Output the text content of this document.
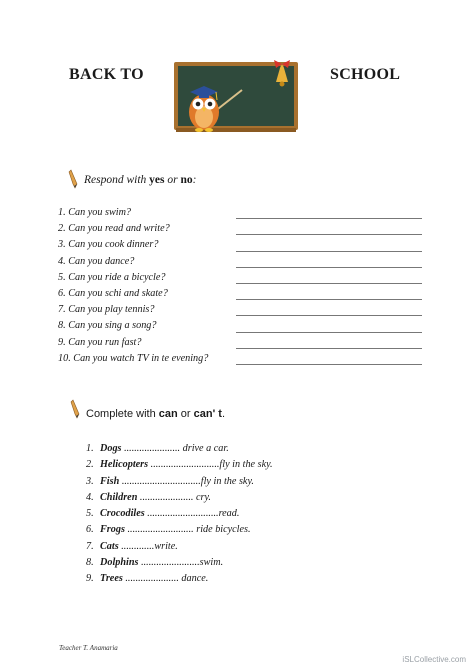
BACK TO	SCHOOL
Respond with yes or no:
1. Can you swim?
2. Can you read and write?
3. Can you cook dinner?
4. Can you dance?
5. Can you ride a bicycle?
6. Can you schi and skate?
7. Can you play tennis?
8. Can you sing a song?
9. Can you run fast?
10. Can you watch TV in te evening?
Complete with can or can' t.
1. Dogs ...................... drive a car.
2. Helicopters ...........................fly in the sky.
3. Fish ...............................fly in the sky.
4. Children ..................... cry.
5. Crocodiles ............................read.
6. Frogs .......................... ride bicycles.
7. Cats .............write.
8. Dolphins .......................swim.
9. Trees ..................... dance.
Teacher T. Anamaria
iSLCollective.com
